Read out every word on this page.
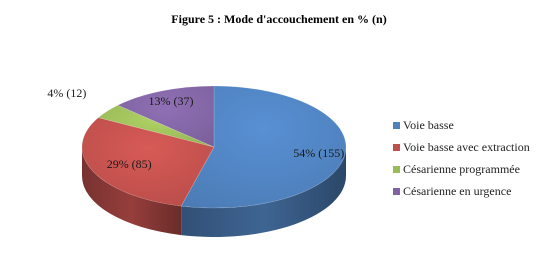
Figure 5 : Mode d'accouchement en % (n)
54% (155)
29% (85)
4% (12)
13% (37)
Voie basse
Voie basse avec extraction
Césarienne programmée
Césarienne en urgence
